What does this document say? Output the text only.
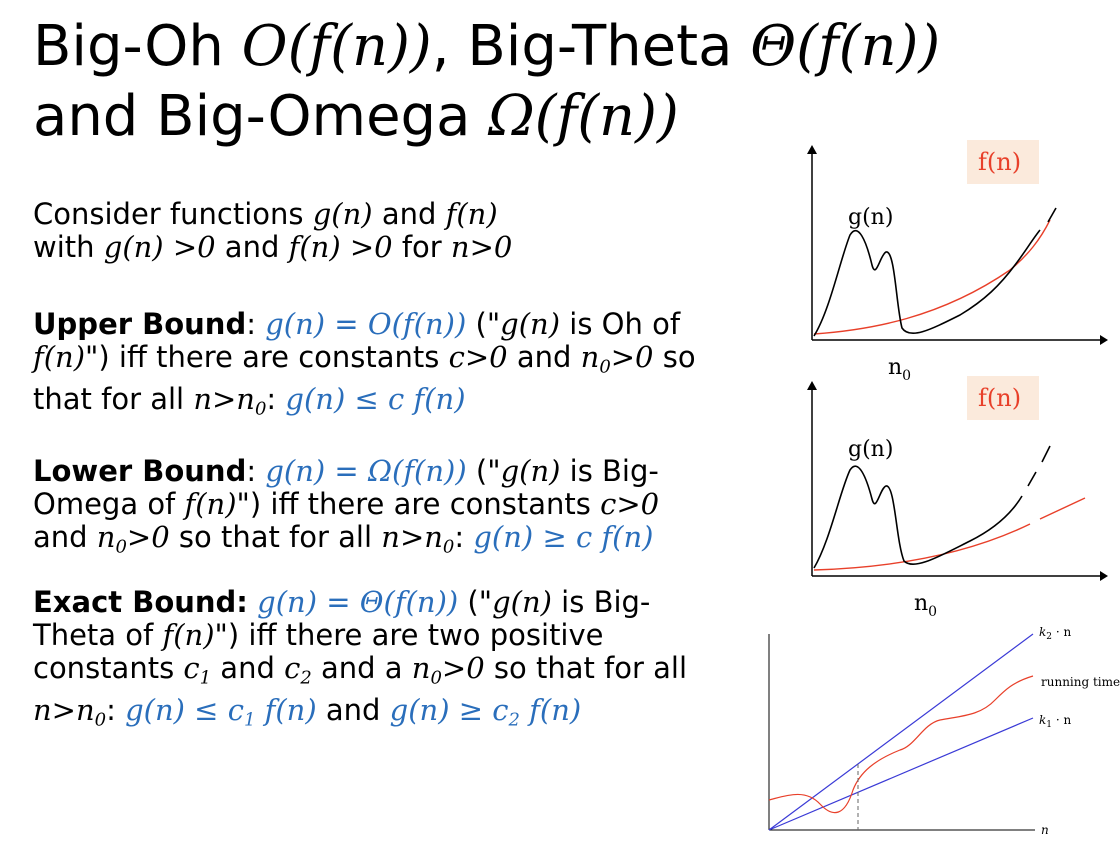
Big-Oh O(f(n)), Big-Theta Θ(f(n))
and Big-Omega Ω(f(n))
Consider functions g(n) and f(n)
with g(n) >0 and f(n) >0 for n>0
Upper Bound: g(n) = O(f(n)) ("g(n) is Oh of
f(n)") iff there are constants c>0 and $n_0>0$ so
that for all $n>n_0$: g(n) ≤ c f(n)
Lower Bound: g(n) = Ω(f(n)) ("g(n) is Big-
Omega of f(n)") iff there are constants c>0
and $n_0>0$ so that for all $n>n_0$: g(n) ≥ c f(n)
Exact Bound: g(n) = Θ(f(n)) ("g(n) is Big-
Theta of f(n)") iff there are two positive
constants $c_1$ and $c_2$ and a $n_0>0$ so that for all
$n>n_0$: $g(n) \le c_1$ f(n) and $g(n) \ge c_2$ f(n)
f(n)
g(n)
$n_0$
f(n)
g(n)
$n_0$
$k_2 \cdot n$
running time
$k_1 \cdot n$
n
